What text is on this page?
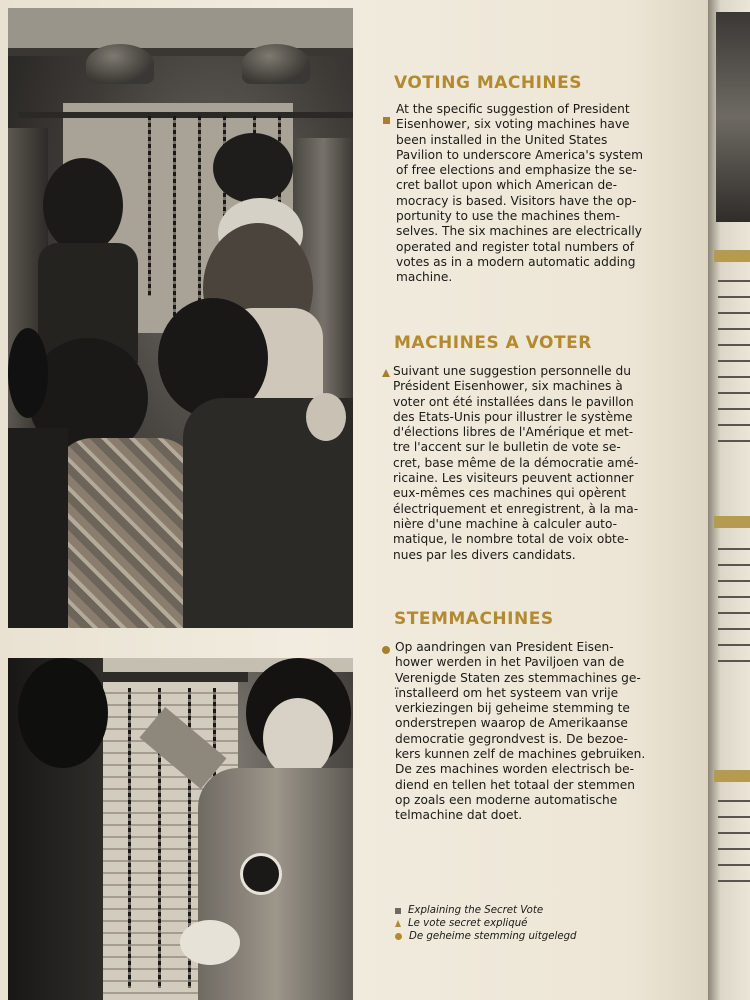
VOTING MACHINES
At the specific suggestion of President
Eisenhower, six voting machines have
been installed in the United States
Pavilion to underscore America's system
of free elections and emphasize the se-
cret ballot upon which American de-
mocracy is based. Visitors have the op-
portunity to use the machines them-
selves. The six machines are electrically
operated and register total numbers of
votes as in a modern automatic adding
machine.
MACHINES A VOTER
Suivant une suggestion personnelle du
Président Eisenhower, six machines à
voter ont été installées dans le pavillon
des Etats-Unis pour illustrer le système
d'élections libres de l'Amérique et met-
tre l'accent sur le bulletin de vote se-
cret, base même de la démocratie amé-
ricaine. Les visiteurs peuvent actionner
eux-mêmes ces machines qui opèrent
électriquement et enregistrent, à la ma-
nière d'une machine à calculer auto-
matique, le nombre total de voix obte-
nues par les divers candidats.
STEMMACHINES
Op aandringen van President Eisen-
hower werden in het Paviljoen van de
Verenigde Staten zes stemmachines ge-
ïnstalleerd om het systeem van vrije
verkiezingen bij geheime stemming te
onderstrepen waarop de Amerikaanse
democratie gegrondvest is. De bezoe-
kers kunnen zelf de machines gebruiken.
De zes machines worden electrisch be-
diend en tellen het totaal der stemmen
op zoals een moderne automatische
telmachine dat doet.
Explaining the Secret Vote
Le vote secret expliqué
De geheime stemming uitgelegd
